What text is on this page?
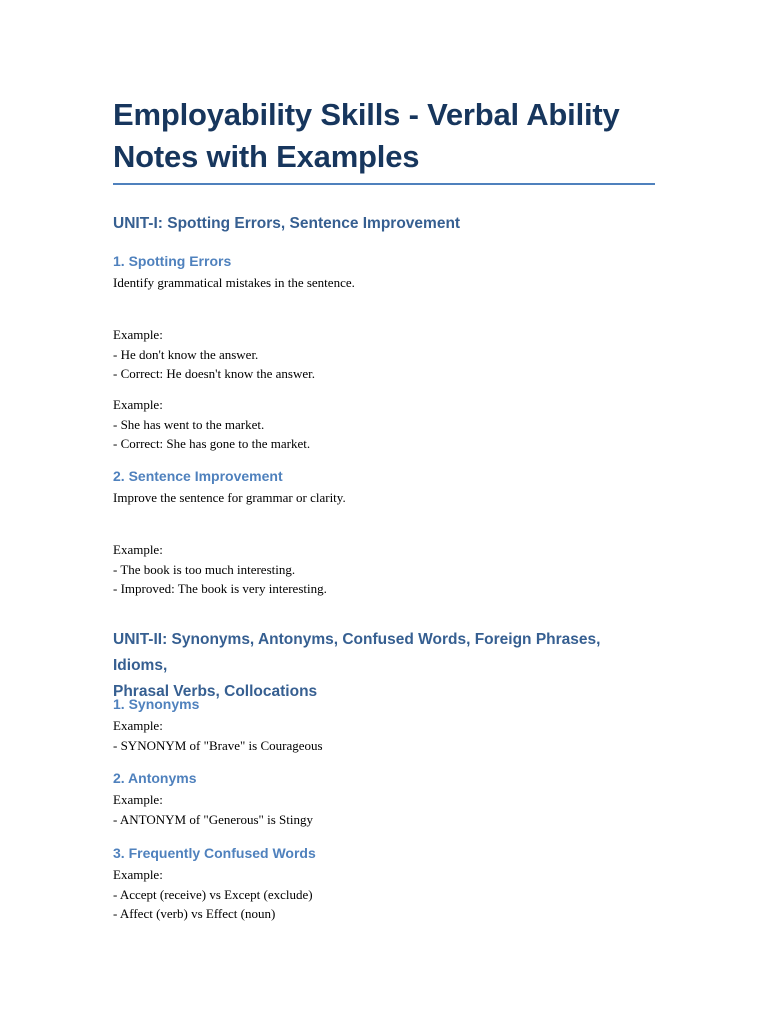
Employability Skills - Verbal Ability
Notes with Examples
UNIT-I: Spotting Errors, Sentence Improvement
1. Spotting Errors

Identify grammatical mistakes in the sentence.

Example:

- He don't know the answer.

- Correct: He doesn't know the answer.

Example:

- She has went to the market.

- Correct: She has gone to the market.

2. Sentence Improvement

Improve the sentence for grammar or clarity.

Example:

- The book is too much interesting.

- Improved: The book is very interesting.

UNIT-II: Synonyms, Antonyms, Confused Words, Foreign Phrases, Idioms,
Phrasal Verbs, Collocations
1. Synonyms

Example:

- SYNONYM of "Brave" is Courageous

2. Antonyms

Example:

- ANTONYM of "Generous" is Stingy

3. Frequently Confused Words

Example:

- Accept (receive) vs Except (exclude)

- Affect (verb) vs Effect (noun)
